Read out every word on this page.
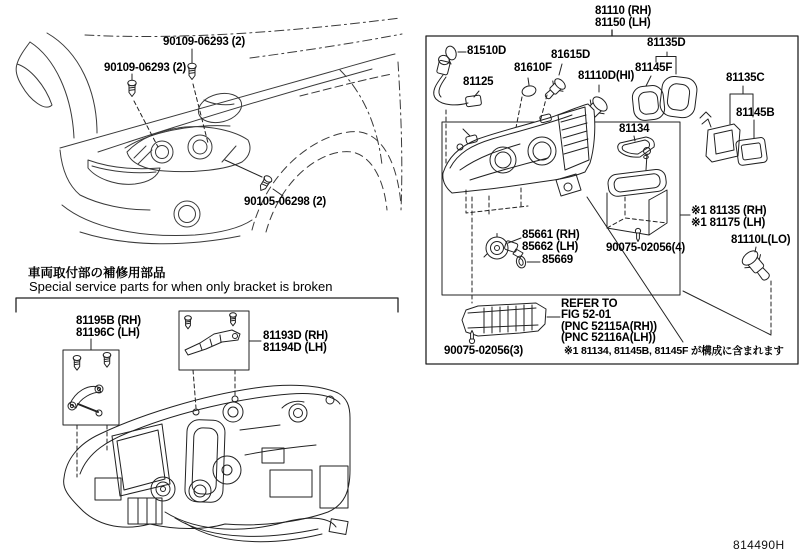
90109-06293 (2)
90109-06293 (2)
90105-06298 (2)
車両取付部の補修用部品
Special service parts for when only bracket is broken
81195B (RH)
81196C (LH)	81193D (RH)
81194D (LH)
81110 (RH)
81150 (LH)
81510D
81125
81610F
81615D
81110D(HI)
81135D
81145F
81135C
81145B
81134
85661 (RH)
85662 (LH)
85669
90075-02056(4)
※1 81135 (RH)
※1 81175 (LH)
81110L(LO)
REFER TO
FIG 52-01
(PNC 52115A(RH))
(PNC 52116A(LH))
90075-02056(3)	※1 81134, 81145B, 81145F が構成に含まれます
814490H
